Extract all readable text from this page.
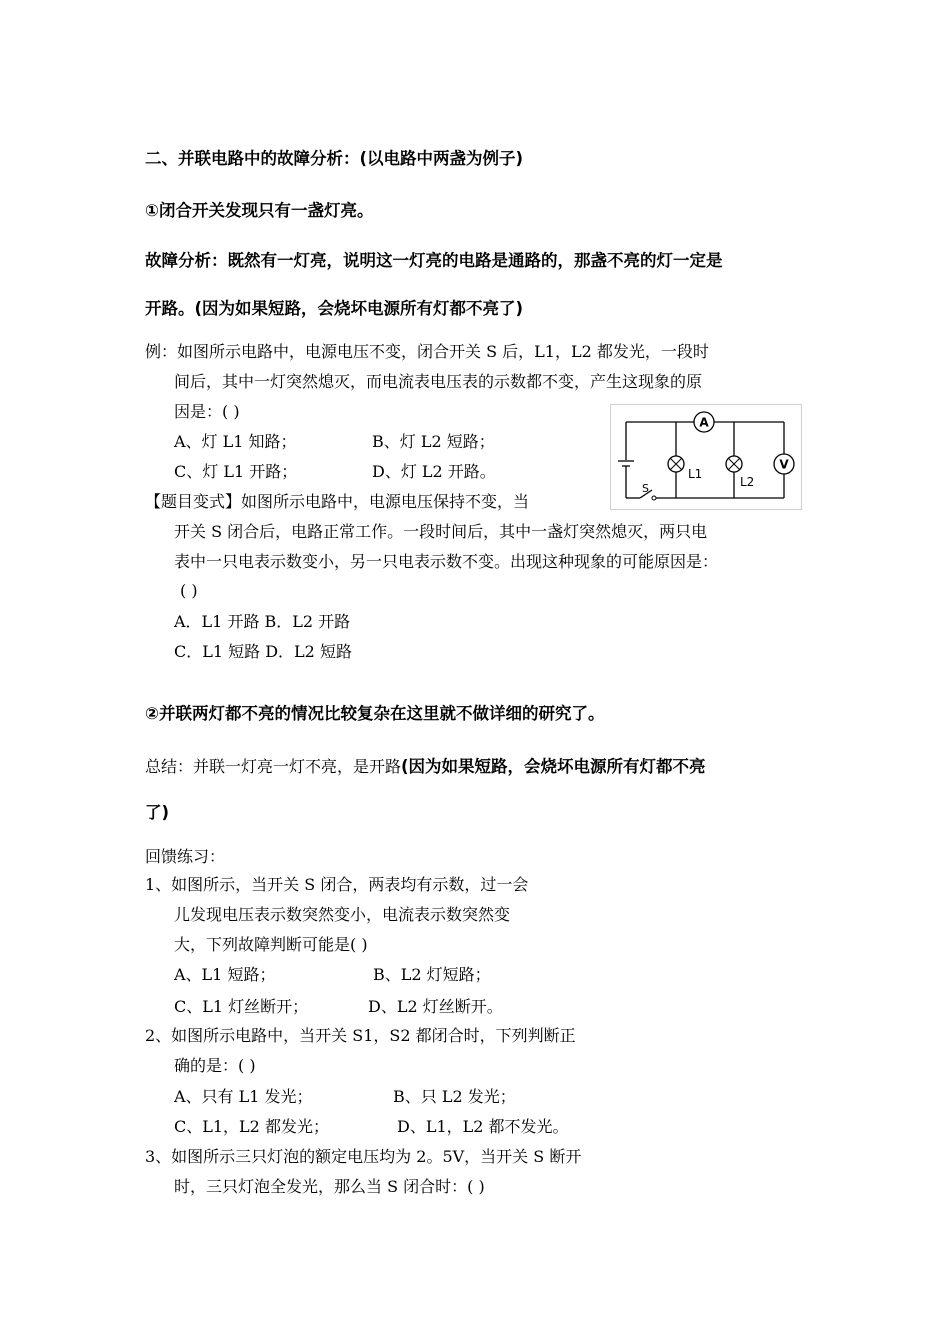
二、并联电路中的故障分析：(以电路中两盏为例子)
①闭合开关发现只有一盏灯亮。
故障分析：既然有一灯亮，说明这一灯亮的电路是通路的，那盏不亮的灯一定是
开路。(因为如果短路，会烧坏电源所有灯都不亮了)
例：如图所示电路中，电源电压不变，闭合开关 S 后，L1，L2 都发光，一段时
间后，其中一灯突然熄灭，而电流表电压表的示数都不变，产生这现象的原
因是：( )
A、灯 L1 知路；	B、灯 L2 短路；
C、灯 L1 开路；	D、灯 L2 开路。
A
L1
L2
V
S
【题目变式】如图所示电路中，电源电压保持不变，当
开关 S 闭合后，电路正常工作。一段时间后，其中一盏灯突然熄灭，两只电
表中一只电表示数变小，另一只电表示数不变。出现这种现象的可能原因是：
( )
A．L1 开路 B．L2 开路
C．L1 短路 D．L2 短路
②并联两灯都不亮的情况比较复杂在这里就不做详细的研究了。
总结：并联一灯亮一灯不亮，是开路(因为如果短路，会烧坏电源所有灯都不亮
了)
回馈练习：
1、如图所示，当开关 S 闭合，两表均有示数，过一会
儿发现电压表示数突然变小，电流表示数突然变
大，下列故障判断可能是( )
A、L1 短路；	B、L2 灯短路；
C、L1 灯丝断开；	D、L2 灯丝断开。
2、如图所示电路中，当开关 S1，S2 都闭合时，下列判断正
确的是：( )
A、只有 L1 发光；	B、只 L2 发光；
C、L1，L2 都发光；	D、L1，L2 都不发光。
3、如图所示三只灯泡的额定电压均为 2。5V，当开关 S 断开
时，三只灯泡全发光，那么当 S 闭合时：( )
